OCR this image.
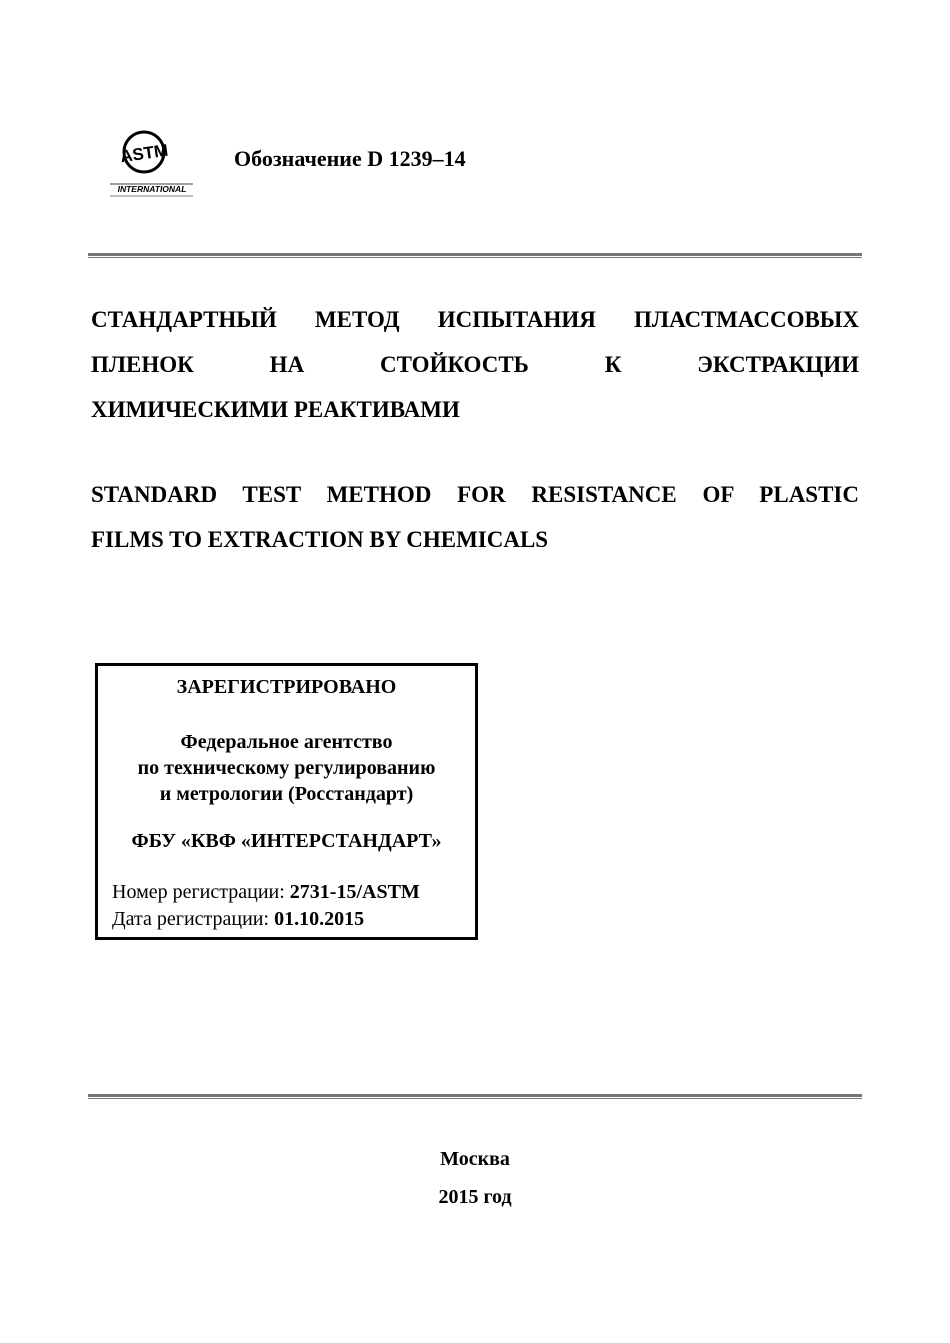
ASTM
INTERNATIONAL
Обозначение D 1239–14
СТАНДАРТНЫЙ МЕТОД ИСПЫТАНИЯ ПЛАСТМАССОВЫХ
ПЛЕНОК НА СТОЙКОСТЬ К ЭКСТРАКЦИИ
ХИМИЧЕСКИМИ РЕАКТИВАМИ
STANDARD TEST METHOD FOR RESISTANCE OF PLASTIC
FILMS TO EXTRACTION BY CHEMICALS
ЗАРЕГИСТРИРОВАНО
Федеральное агентство
по техническому регулированию
и метрологии (Росстандарт)
ФБУ «КВФ «ИНТЕРСТАНДАРТ»
Номер регистрации: 2731-15/ASTM
Дата регистрации: 01.10.2015
Москва
2015 год
